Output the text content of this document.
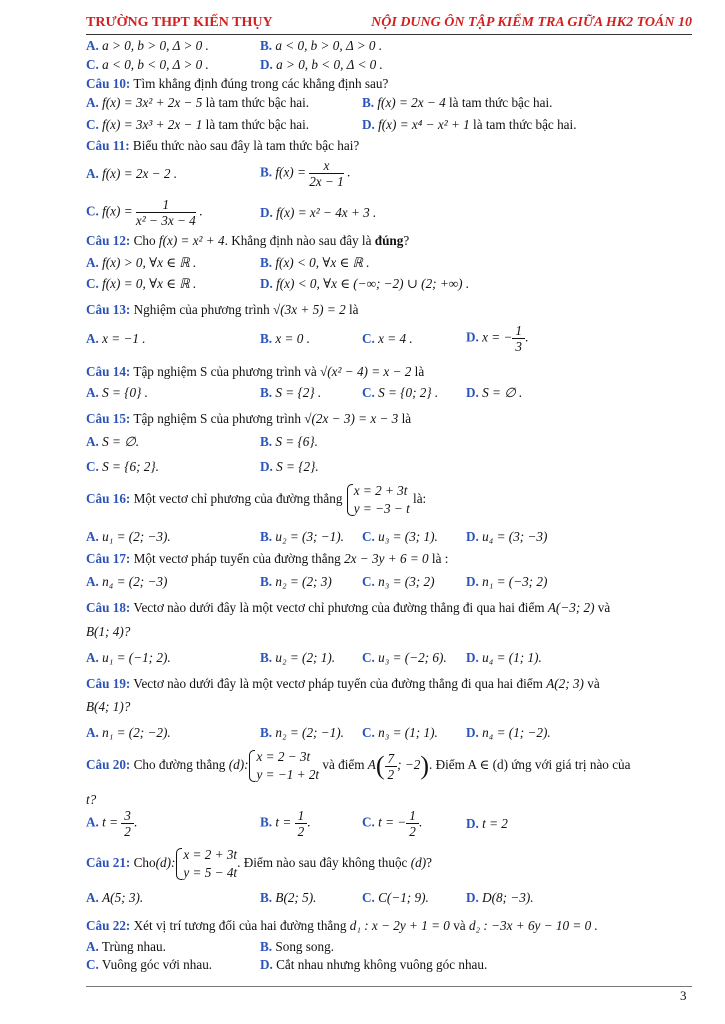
TRƯỜNG THPT KIẾN THỤY	NỘI DUNG ÔN TẬP KIỂM TRA GIỮA HK2 TOÁN 10
A. a > 0, b > 0, Δ > 0 .	B. a < 0, b > 0, Δ > 0 .
C. a < 0, b < 0, Δ > 0 .	D. a > 0, b < 0, Δ < 0 .
Câu 10: Tìm khẳng định đúng trong các khẳng định sau?
A. f(x) = 3x² + 2x − 5 là tam thức bậc hai.	B. f(x) = 2x − 4 là tam thức bậc hai.
C. f(x) = 3x³ + 2x − 1 là tam thức bậc hai.	D. f(x) = x⁴ − x² + 1 là tam thức bậc hai.
Câu 11: Biểu thức nào sau đây là tam thức bậc hai?
A. f(x) = 2x − 2 .	B. $f(x) = \frac{x}{2x - 1}$ .
C. $f(x) = \frac{1}{\text{x² − 3x − 4}}$ .	D. f(x) = x² − 4x + 3 .
Câu 12: Cho f(x) = x² + 4. Khẳng định nào sau đây là đúng?
A. f(x) > 0, ∀x ∈ ℝ .	B. f(x) < 0, ∀x ∈ ℝ .
C. f(x) = 0, ∀x ∈ ℝ .	D. f(x) < 0, ∀x ∈ (−∞; −2) ∪ (2; +∞) .
Câu 13: Nghiệm của phương trình √(3x + 5) = 2 là
A. x = −1 .	B. x = 0 .	C. x = 4 .	D. x = − $\frac{1}{3}$ .
Câu 14: Tập nghiệm S của phương trình và √(x² − 4) = x − 2 là
A. S = {0} .	B. S = {2} .	C. S = {0; 2} . D. S = ∅ .
Câu 15: Tập nghiệm S của phương trình √(2x − 3) = x − 3 là
A. S = ∅.	B. S = {6}.
C. S = {6; 2}.	D. S = {2}.
Câu 16: Một vectơ chỉ phương của đường thẳng
x = 2 + 3t
y = −3 − t
là:
A. u₁ = (2; −3).	B. u₂ = (3; −1). C. u₃ = (3; 1). D. u₄ = (3; −3)
Câu 17: Một vectơ pháp tuyến của đường thẳng 2x − 3y + 6 = 0 là :
A. n₄ = (2; −3)	B. n₂ = (2; 3) C. n₃ = (3; 2) D. n₁ = (−3; 2)
Câu 18: Vectơ nào dưới đây là một vectơ chỉ phương của đường thẳng đi qua hai điểm A(−3; 2) và
B(1; 4)?
A. u₁ = (−1; 2).	B. u₂ = (2; 1). C. u₃ = (−2; 6). D. u₄ = (1; 1).
Câu 19: Vectơ nào dưới đây là một vectơ pháp tuyến của đường thẳng đi qua hai điểm A(2; 3) và
B(4; 1)?
A. n₁ = (2; −2).	B. n₂ = (2; −1). C. n₃ = (1; 1). D. n₄ = (1; −2).
Câu 20: Cho đường thẳng (d):
x = 2 − 3t
y = −1 + 2t
và điểm $A( \frac{7}{2}$ ; −2). Điểm A ∈ (d) ứng với giá trị nào của
t?
A. $t = \frac{3}{2}$ .	B. $t = \frac{1}{2}$ .	C. t = − $\frac{1}{2}$ .	D. t = 2
Câu 21: Cho(d):
x = 2 + 3t
y = 5 − 4t
. Điểm nào sau đây không thuộc (d)?
A. A(5; 3).	B. B(2; 5).	C. C(−1; 9).	D. D(8; −3).
Câu 22: Xét vị trí tương đối của hai đường thẳng d₁ : x − 2y + 1 = 0 và d₂ : −3x + 6y − 10 = 0 .
A. Trùng nhau.	B. Song song.
C. Vuông góc với nhau.	D. Cắt nhau nhưng không vuông góc nhau.
3
